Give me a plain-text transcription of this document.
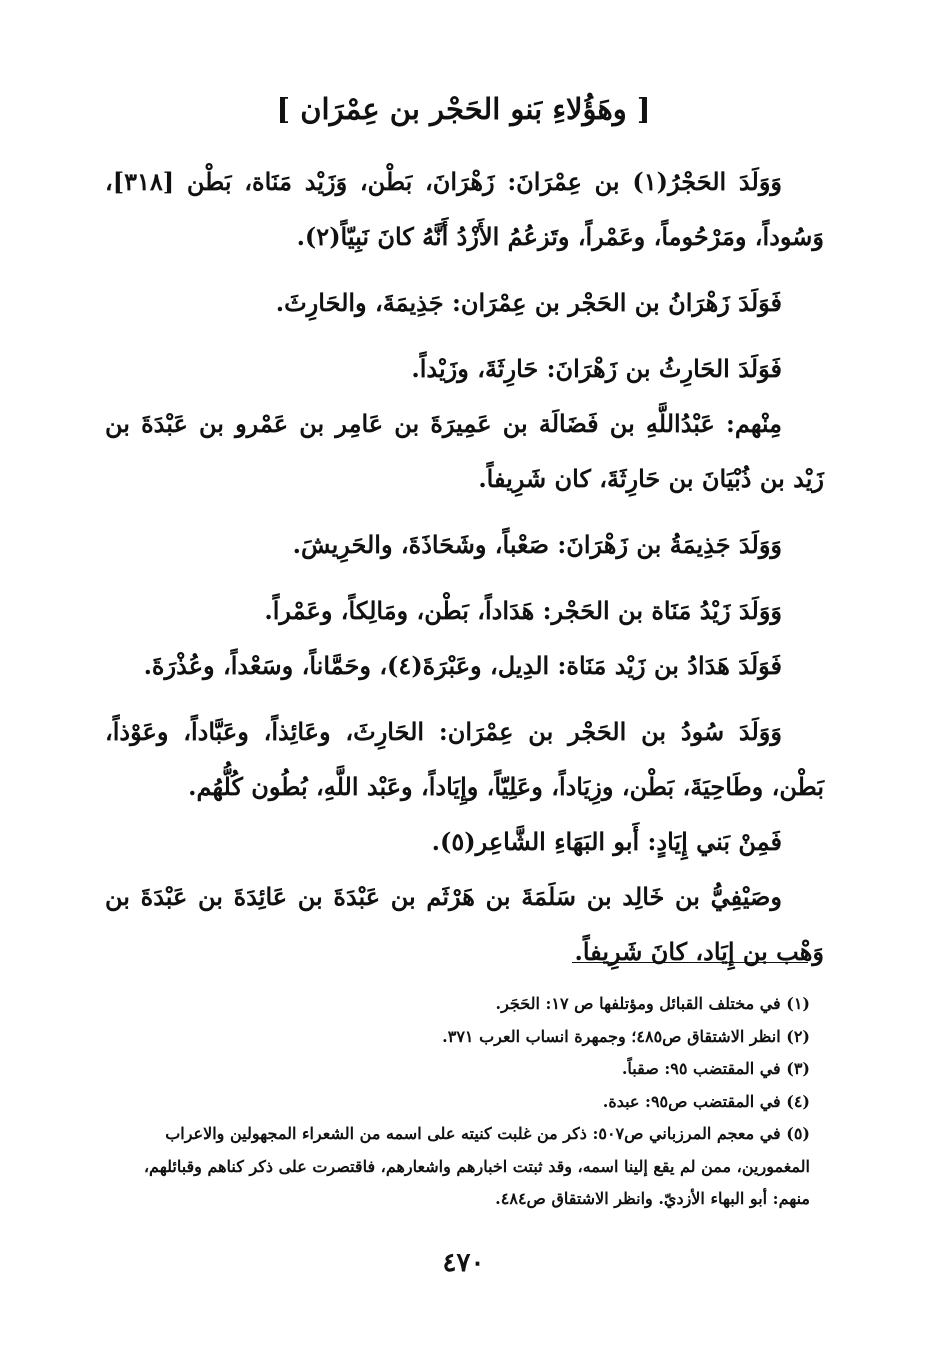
[ وهَؤُلاءِ بَنو الحَجْر بن عِمْرَان ]

وَوَلَدَ الحَجْرُ(١) بن عِمْرَانَ: زَهْرَانَ، بَطْن، وَزَيْد مَنَاة، بَطْن [٣١٨]، وَسُوداً، ومَرْحُوماً، وعَمْراً، وتَزعُمُ الأَزْدُ أَنَّهُ كانَ نَبِيّاً(٢).

فَوَلَدَ زَهْرَانُ بن الحَجْر بن عِمْرَان: جَذِيمَةَ، والحَارِثَ.

فَوَلَدَ الحَارِثُ بن زَهْرَانَ: حَارِثَةَ، وزَيْداً.

مِنْهم: عَبْدُاللَّهِ بن فَضَالَة بن عَمِيرَةَ بن عَامِر بن عَمْرو بن عَبْدَةَ بن زَيْد بن ذُبْيَانَ بن حَارِثَةَ، كان شَرِيفاً.

وَوَلَدَ جَذِيمَةُ بن زَهْرَانَ: صَعْباً، وشَحَاذَةَ، والحَرِيشَ.

وَوَلَدَ زَيْدُ مَنَاة بن الحَجْر: هَدَاداً، بَطْن، ومَالِكاً، وعَمْراً.

فَوَلَدَ هَدَادُ بن زَيْد مَنَاة: الدِيل، وعَبْرَةَ(٤)، وحَمَّاناً، وسَعْداً، وعُذْرَةَ.

وَوَلَدَ سُودُ بن الحَجْر بن عِمْرَان: الحَارِثَ، وعَائِذاً، وعَبَّاداً، وعَوْذاً، بَطْن، وطَاحِيَةَ، بَطْن، وزِيَاداً، وعَلِيّاً، وإِيَاداً، وعَبْد اللَّهِ، بُطُون كُلُّهُم.

فَمِنْ بَني إِيَادٍ: أَبو البَهَاءِ الشَّاعِر(٥).

وصَيْفِيُّ بن خَالِد بن سَلَمَةَ بن هَرْثَم بن عَبْدَةَ بن عَائِدَةَ بن عَبْدَةَ بن وَهْب بن إِيَاد، كانَ شَرِيفاً.

(١) في مختلف القبائل ومؤتلفها ص ١٧: الحَجَر.

(٢) انظر الاشتقاق ص٤٨٥؛ وجمهرة انساب العرب ٣٧١.

(٣) في المقتضب ٩٥: صقباً.

(٤) في المقتضب ص٩٥: عبدة.

(٥) في معجم المرزباني ص٥٠٧: ذكر من غلبت كنيته على اسمه من الشعراء المجهولين والاعراب المغمورين، ممن لم يقع إلينا اسمه، وقد ثبتت اخبارهم واشعارهم، فاقتصرت على ذكر كناهم وقبائلهم، منهم: أبو البهاء الأزديّ. وانظر الاشتقاق ص٤٨٤.

٤٧٠
